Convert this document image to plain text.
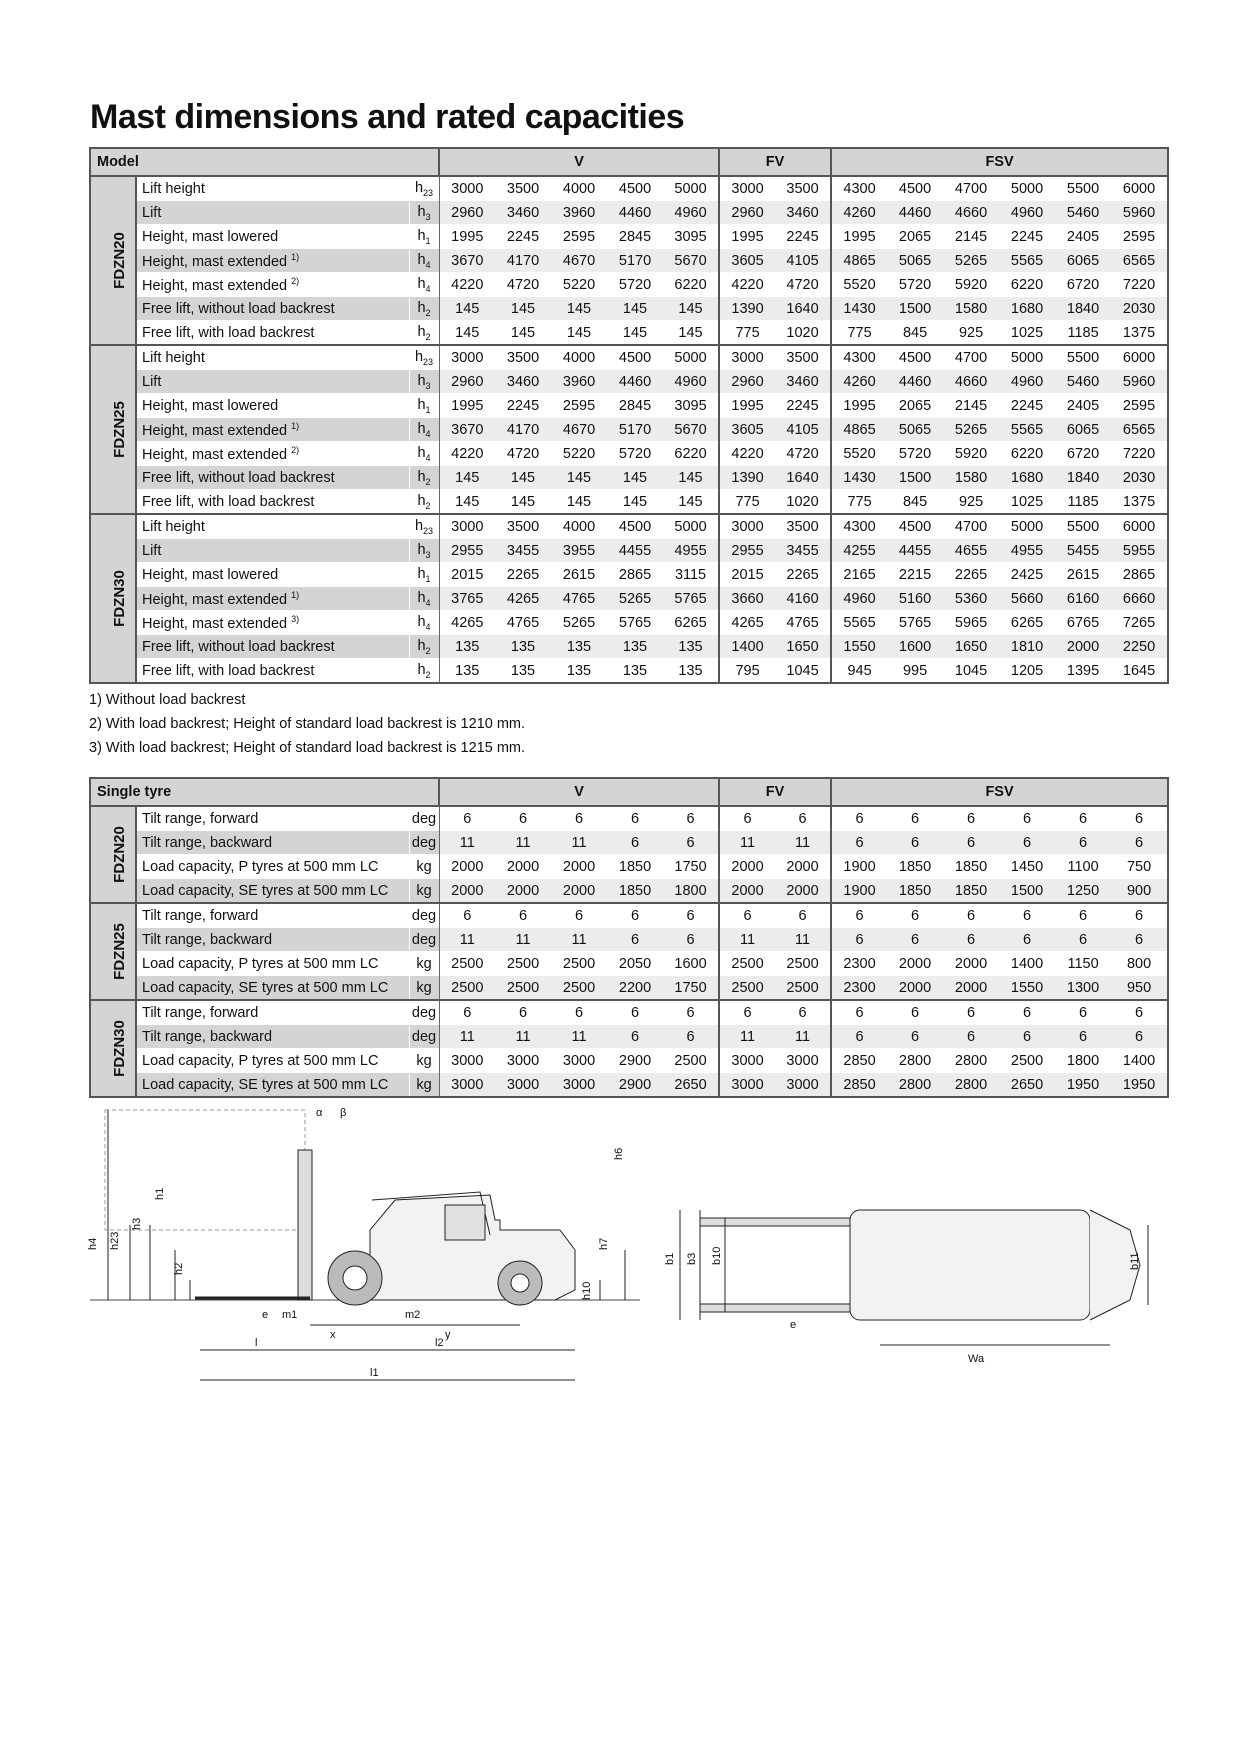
Mast dimensions and rated capacities
Model			V					FV		FSV					
FDZN20	Lift height	$h_{23}$	3000	3500	4000	4500	5000	3000	3500	4300	4500	4700	5000	5500	6000
	Lift	$h_3$	2960	3460	3960	4460	4960	2960	3460	4260	4460	4660	4960	5460	5960
	Height, mast lowered	$h_1$	1995	2245	2595	2845	3095	1995	2245	1995	2065	2145	2245	2405	2595
	Height, mast extended $^{1)}$	$h_4$	3670	4170	4670	5170	5670	3605	4105	4865	5065	5265	5565	6065	6565
	Height, mast extended $^{2)}$	$h_4$	4220	4720	5220	5720	6220	4220	4720	5520	5720	5920	6220	6720	7220
	Free lift, without load backrest	$h_2$	145	145	145	145	145	1390	1640	1430	1500	1580	1680	1840	2030
	Free lift, with load backrest	$h_2$	145	145	145	145	145	775	1020	775	845	925	1025	1185	1375
FDZN25	Lift height	$h_{23}$	3000	3500	4000	4500	5000	3000	3500	4300	4500	4700	5000	5500	6000
	Lift	$h_3$	2960	3460	3960	4460	4960	2960	3460	4260	4460	4660	4960	5460	5960
	Height, mast lowered	$h_1$	1995	2245	2595	2845	3095	1995	2245	1995	2065	2145	2245	2405	2595
	Height, mast extended $^{1)}$	$h_4$	3670	4170	4670	5170	5670	3605	4105	4865	5065	5265	5565	6065	6565
	Height, mast extended $^{2)}$	$h_4$	4220	4720	5220	5720	6220	4220	4720	5520	5720	5920	6220	6720	7220
	Free lift, without load backrest	$h_2$	145	145	145	145	145	1390	1640	1430	1500	1580	1680	1840	2030
	Free lift, with load backrest	$h_2$	145	145	145	145	145	775	1020	775	845	925	1025	1185	1375
FDZN30	Lift height	$h_{23}$	3000	3500	4000	4500	5000	3000	3500	4300	4500	4700	5000	5500	6000
	Lift	$h_3$	2955	3455	3955	4455	4955	2955	3455	4255	4455	4655	4955	5455	5955
	Height, mast lowered	$h_1$	2015	2265	2615	2865	3115	2015	2265	2165	2215	2265	2425	2615	2865
	Height, mast extended $^{1)}$	$h_4$	3765	4265	4765	5265	5765	3660	4160	4960	5160	5360	5660	6160	6660
	Height, mast extended $^{3)}$	$h_4$	4265	4765	5265	5765	6265	4265	4765	5565	5765	5965	6265	6765	7265
	Free lift, without load backrest	$h_2$	135	135	135	135	135	1400	1650	1550	1600	1650	1810	2000	2250
	Free lift, with load backrest	$h_2$	135	135	135	135	135	795	1045	945	995	1045	1205	1395	1645
1) Without load backrest
2) With load backrest; Height of standard load backrest is 1210 mm.
3) With load backrest; Height of standard load backrest is 1215 mm.
Single tyre			V					FV		FSV					
FDZN20	Tilt range, forward	deg	6	6	6	6	6	6	6	6	6	6	6	6	6
	Tilt range, backward	deg	11	11	11	6	6	11	11	6	6	6	6	6	6
	Load capacity, P tyres at 500 mm LC	kg	2000	2000	2000	1850	1750	2000	2000	1900	1850	1850	1450	1100	750
	Load capacity, SE tyres at 500 mm LC	kg	2000	2000	2000	1850	1800	2000	2000	1900	1850	1850	1500	1250	900
FDZN25	Tilt range, forward	deg	6	6	6	6	6	6	6	6	6	6	6	6	6
	Tilt range, backward	deg	11	11	11	6	6	11	11	6	6	6	6	6	6
	Load capacity, P tyres at 500 mm LC	kg	2500	2500	2500	2050	1600	2500	2500	2300	2000	2000	1400	1150	800
	Load capacity, SE tyres at 500 mm LC	kg	2500	2500	2500	2200	1750	2500	2500	2300	2000	2000	1550	1300	950
FDZN30	Tilt range, forward	deg	6	6	6	6	6	6	6	6	6	6	6	6	6
	Tilt range, backward	deg	11	11	11	6	6	11	11	6	6	6	6	6	6
	Load capacity, P tyres at 500 mm LC	kg	3000	3000	3000	2900	2500	3000	3000	2850	2800	2800	2500	1800	1400
	Load capacity, SE tyres at 500 mm LC	kg	3000	3000	3000	2900	2650	3000	3000	2850	2800	2800	2650	1950	1950
h4 h23
h3
h1
h2
e m1	m2
x	y
l	l2
l1
h6
h7
h10
α β
b1 b3 b10
e
b11
Wa
